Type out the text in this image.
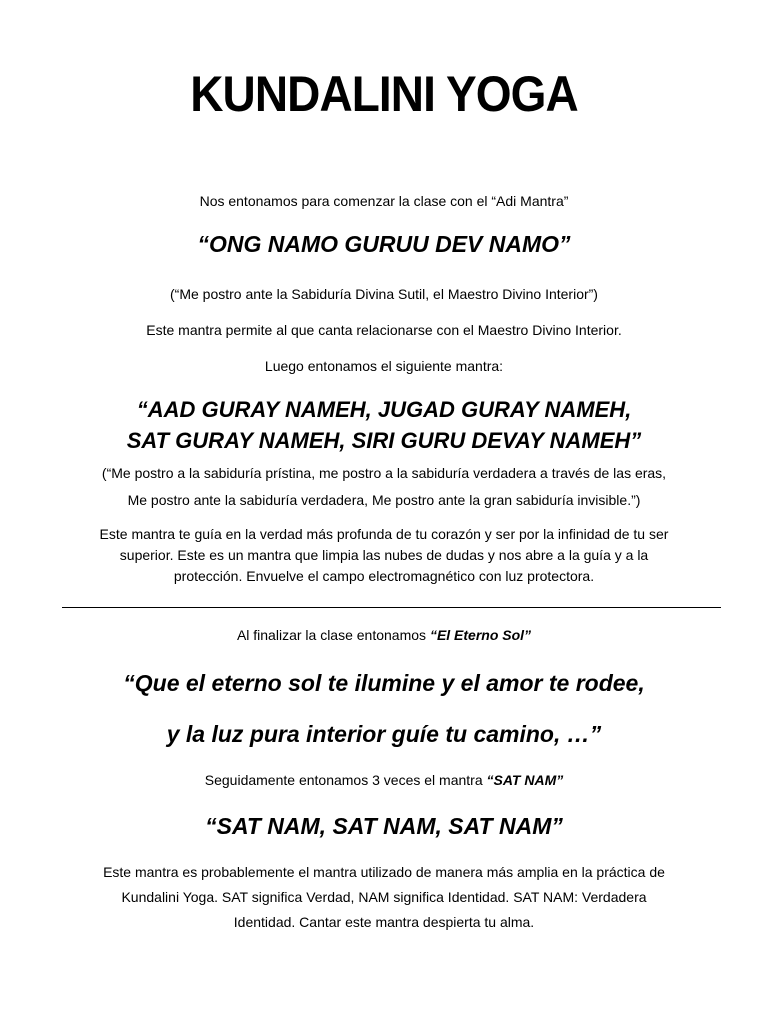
KUNDALINI YOGA
Nos entonamos para comenzar la clase con el “Adi Mantra”
“ONG NAMO GURUU DEV NAMO”
(“Me postro ante la Sabiduría Divina Sutil, el Maestro Divino Interior”)
Este mantra permite al que canta relacionarse con el Maestro Divino Interior.
Luego entonamos el siguiente mantra:
“AAD GURAY NAMEH, JUGAD GURAY NAMEH,
SAT GURAY NAMEH, SIRI GURU DEVAY NAMEH”
(“Me postro a la sabiduría prístina, me postro a la sabiduría verdadera a través de las eras,
Me postro ante la sabiduría verdadera, Me postro ante la gran sabiduría invisible.”)
Este mantra te guía en la verdad más profunda de tu corazón y ser por la infinidad de tu ser
superior. Este es un mantra que limpia las nubes de dudas y nos abre a la guía y a la
protección. Envuelve el campo electromagnético con luz protectora.
Al finalizar la clase entonamos “El Eterno Sol”
“Que el eterno sol te ilumine y el amor te rodee,
y la luz pura interior guíe tu camino, …”
Seguidamente entonamos 3 veces el mantra “SAT NAM”
“SAT NAM, SAT NAM, SAT NAM”
Este mantra es probablemente el mantra utilizado de manera más amplia en la práctica de
Kundalini Yoga. SAT significa Verdad, NAM significa Identidad. SAT NAM: Verdadera
Identidad. Cantar este mantra despierta tu alma.
